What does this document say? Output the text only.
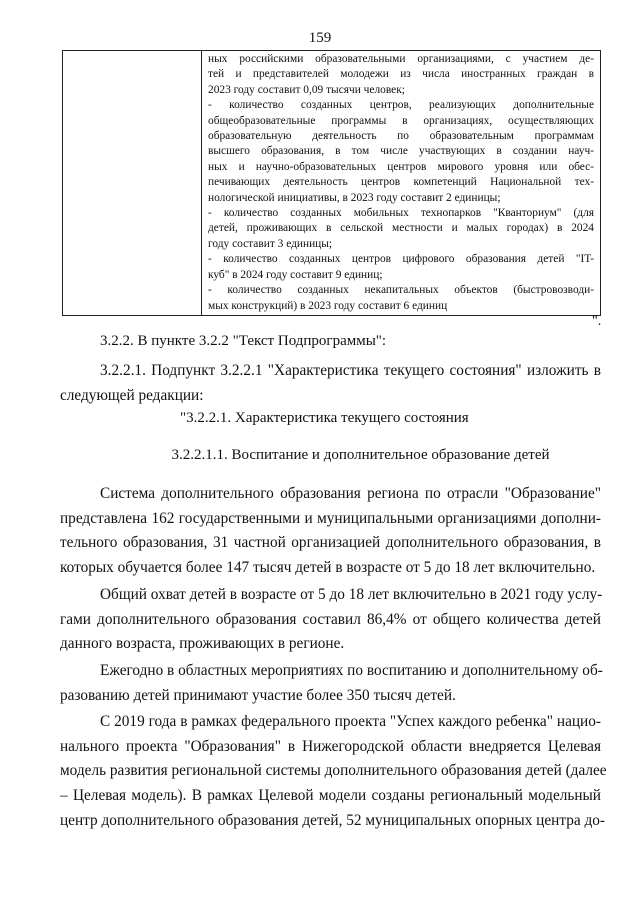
159

ных российскими образовательными организациями, с участием де-
тей и представителей молодежи из числа иностранных граждан в
2023 году составит 0,09 тысячи человек;
- количество созданных центров, реализующих дополнительные
общеобразовательные программы в организациях, осуществляющих
образовательную деятельность по образовательным программам
высшего образования, в том числе участвующих в создании науч-
ных и научно-образовательных центров мирового уровня или обес-
печивающих деятельность центров компетенций Национальной тех-
нологической инициативы, в 2023 году составит 2 единицы;
- количество созданных мобильных технопарков "Кванториум" (для
детей, проживающих в сельской местности и малых городах) в 2024
году составит 3 единицы;
- количество созданных центров цифрового образования детей "IT-
куб" в 2024 году составит 9 единиц;
- количество созданных некапитальных объектов (быстровозводи-
мых конструкций) в 2023 году составит 6 единиц
".
3.2.2. В пункте 3.2.2 "Текст Подпрограммы":
3.2.2.1. Подпункт 3.2.2.1 "Характеристика текущего состояния" изложить в
следующей редакции:
"3.2.2.1. Характеристика текущего состояния
3.2.2.1.1. Воспитание и дополнительное образование детей
Система дополнительного образования региона по отрасли "Образование"
представлена 162 государственными и муниципальными организациями дополни-
тельного образования, 31 частной организацией дополнительного образования, в
которых обучается более 147 тысяч детей в возрасте от 5 до 18 лет включительно.
Общий охват детей в возрасте от 5 до 18 лет включительно в 2021 году услу-
гами дополнительного образования составил 86,4% от общего количества детей
данного возраста, проживающих в регионе.
Ежегодно в областных мероприятиях по воспитанию и дополнительному об-
разованию детей принимают участие более 350 тысяч детей.
С 2019 года в рамках федерального проекта "Успех каждого ребенка" нацио-
нального проекта "Образования" в Нижегородской области внедряется Целевая
модель развития региональной системы дополнительного образования детей (далее
– Целевая модель). В рамках Целевой модели созданы региональный модельный
центр дополнительного образования детей, 52 муниципальных опорных центра до-
